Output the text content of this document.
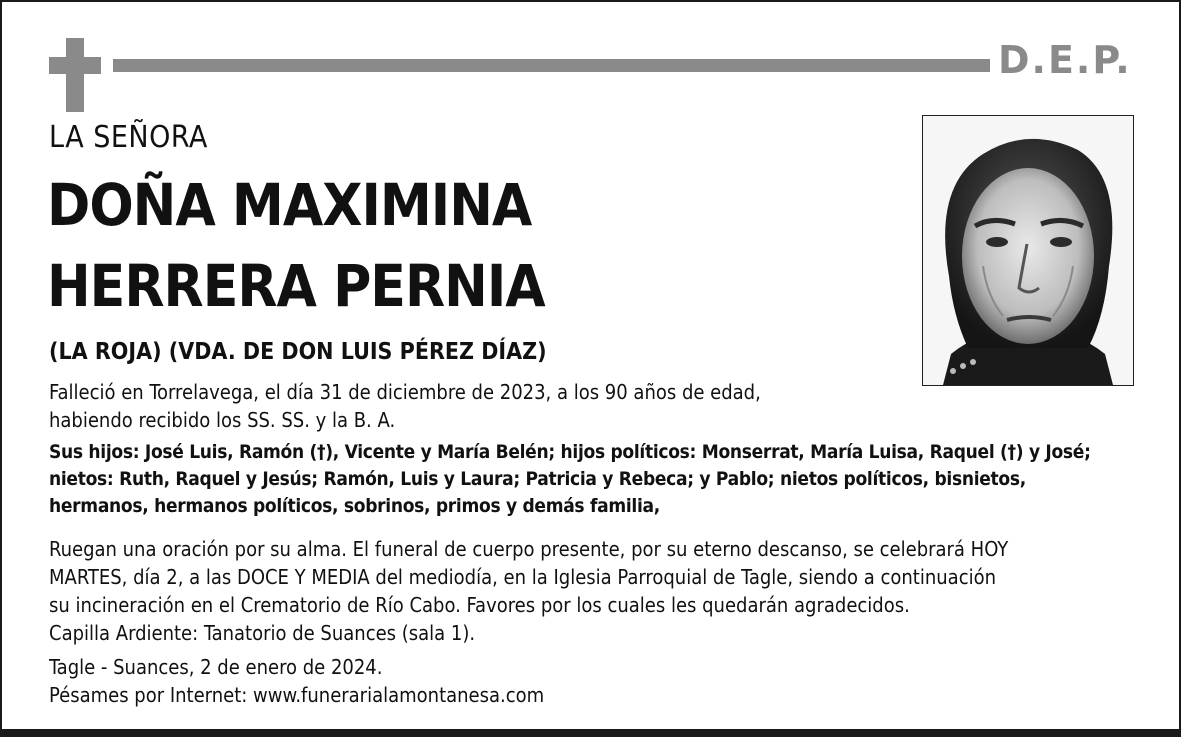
D.E.P.
LA SEÑORA
DOÑA MAXIMINA
HERRERA PERNIA
(LA ROJA) (VDA. DE DON LUIS PÉREZ DÍAZ)
Falleció en Torrelavega, el día 31 de diciembre de 2023, a los 90 años de edad,
habiendo recibido los SS. SS. y la B. A.
Sus hijos: José Luis, Ramón (†), Vicente y María Belén; hijos políticos: Monserrat, María Luisa, Raquel (†) y José;
nietos: Ruth, Raquel y Jesús; Ramón, Luis y Laura; Patricia y Rebeca; y Pablo; nietos políticos, bisnietos,
hermanos, hermanos políticos, sobrinos, primos y demás familia,
Ruegan una oración por su alma. El funeral de cuerpo presente, por su eterno descanso, se celebrará HOY
MARTES, día 2, a las DOCE Y MEDIA del mediodía, en la Iglesia Parroquial de Tagle, siendo a continuación
su incineración en el Crematorio de Río Cabo. Favores por los cuales les quedarán agradecidos.
Capilla Ardiente: Tanatorio de Suances (sala 1).
Tagle - Suances, 2 de enero de 2024.
Pésames por Internet: www.funerarialamontanesa.com
